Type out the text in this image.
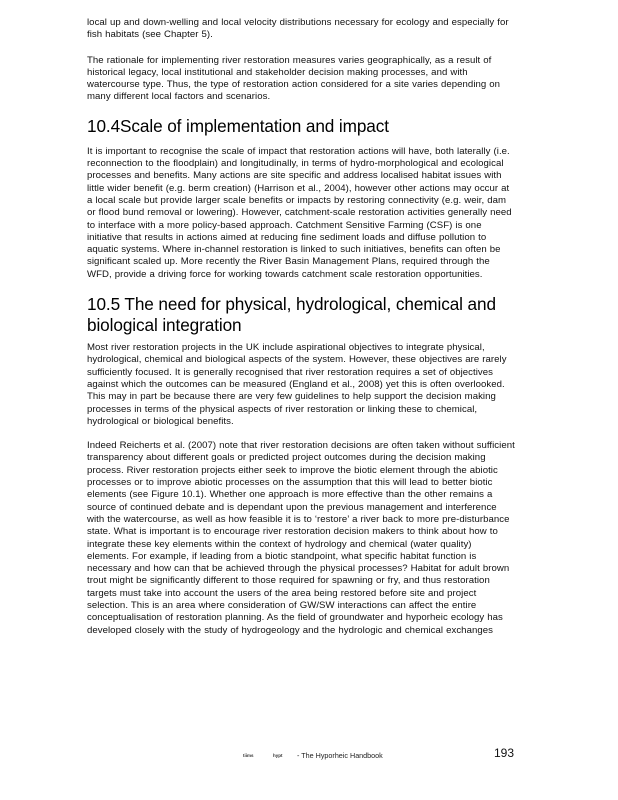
local up and down-welling and local velocity distributions necessary for ecology and especially for fish habitats (see Chapter 5).

The rationale for implementing river restoration measures varies geographically, as a result of historical legacy, local institutional and stakeholder decision making processes, and with watercourse type. Thus, the type of restoration action considered for a site varies depending on many different local factors and scenarios.

10.4Scale of implementation and impact

It is important to recognise the scale of impact that restoration actions will have, both laterally (i.e. reconnection to the floodplain) and longitudinally, in terms of hydro-morphological and ecological processes and benefits. Many actions are site specific and address localised habitat issues with little wider benefit (e.g. berm creation) (Harrison et al., 2004), however other actions may occur at a local scale but provide larger scale benefits or impacts by restoring connectivity (e.g. weir, dam or flood bund removal or lowering). However, catchment-scale restoration activities generally need to interface with a more policy-based approach. Catchment Sensitive Farming (CSF) is one initiative that results in actions aimed at reducing fine sediment loads and diffuse pollution to aquatic systems. Where in-channel restoration is linked to such initiatives, benefits can often be significant scaled up. More recently the River Basin Management Plans, required through the WFD, provide a driving force for working towards catchment scale restoration opportunities.

10.5 The need for physical, hydrological, chemical and biological integration

Most river restoration projects in the UK include aspirational objectives to integrate physical, hydrological, chemical and biological aspects of the system. However, these objectives are rarely sufficiently focused. It is generally recognised that river restoration requires a set of objectives against which the outcomes can be measured (England et al., 2008) yet this is often overlooked. This may in part be because there are very few guidelines to help support the decision making processes in terms of the physical aspects of river restoration or linking these to chemical, hydrological or biological benefits.

Indeed Reicherts et al. (2007) note that river restoration decisions are often taken without sufficient transparency about different goals or predicted project outcomes during the decision making process. River restoration projects either seek to improve the biotic element through the abiotic processes or to improve abiotic processes on the assumption that this will lead to better biotic elements (see Figure 10.1). Whether one approach is more effective than the other remains a source of continued debate and is dependant upon the previous management and interference with the watercourse, as well as how feasible it is to ‘restore’ a river back to more pre-disturbance state. What is important is to encourage river restoration decision makers to think about how to integrate these key elements within the context of hydrology and chemical (water quality) elements. For example, if leading from a biotic standpoint, what specific habitat function is necessary and how can that be achieved through the physical processes? Habitat for adult brown trout might be significantly different to those required for spawning or fry, and thus restoration targets must take into account the users of the area being restored before site and project selection. This is an area where consideration of GW/SW interactions can affect the entire conceptualisation of restoration planning. As the field of groundwater and hyporheic ecology has developed closely with the study of hydrogeology and the hydrologic and chemical exchanges

tiims	hypt - The Hyporheic Handbook	193
